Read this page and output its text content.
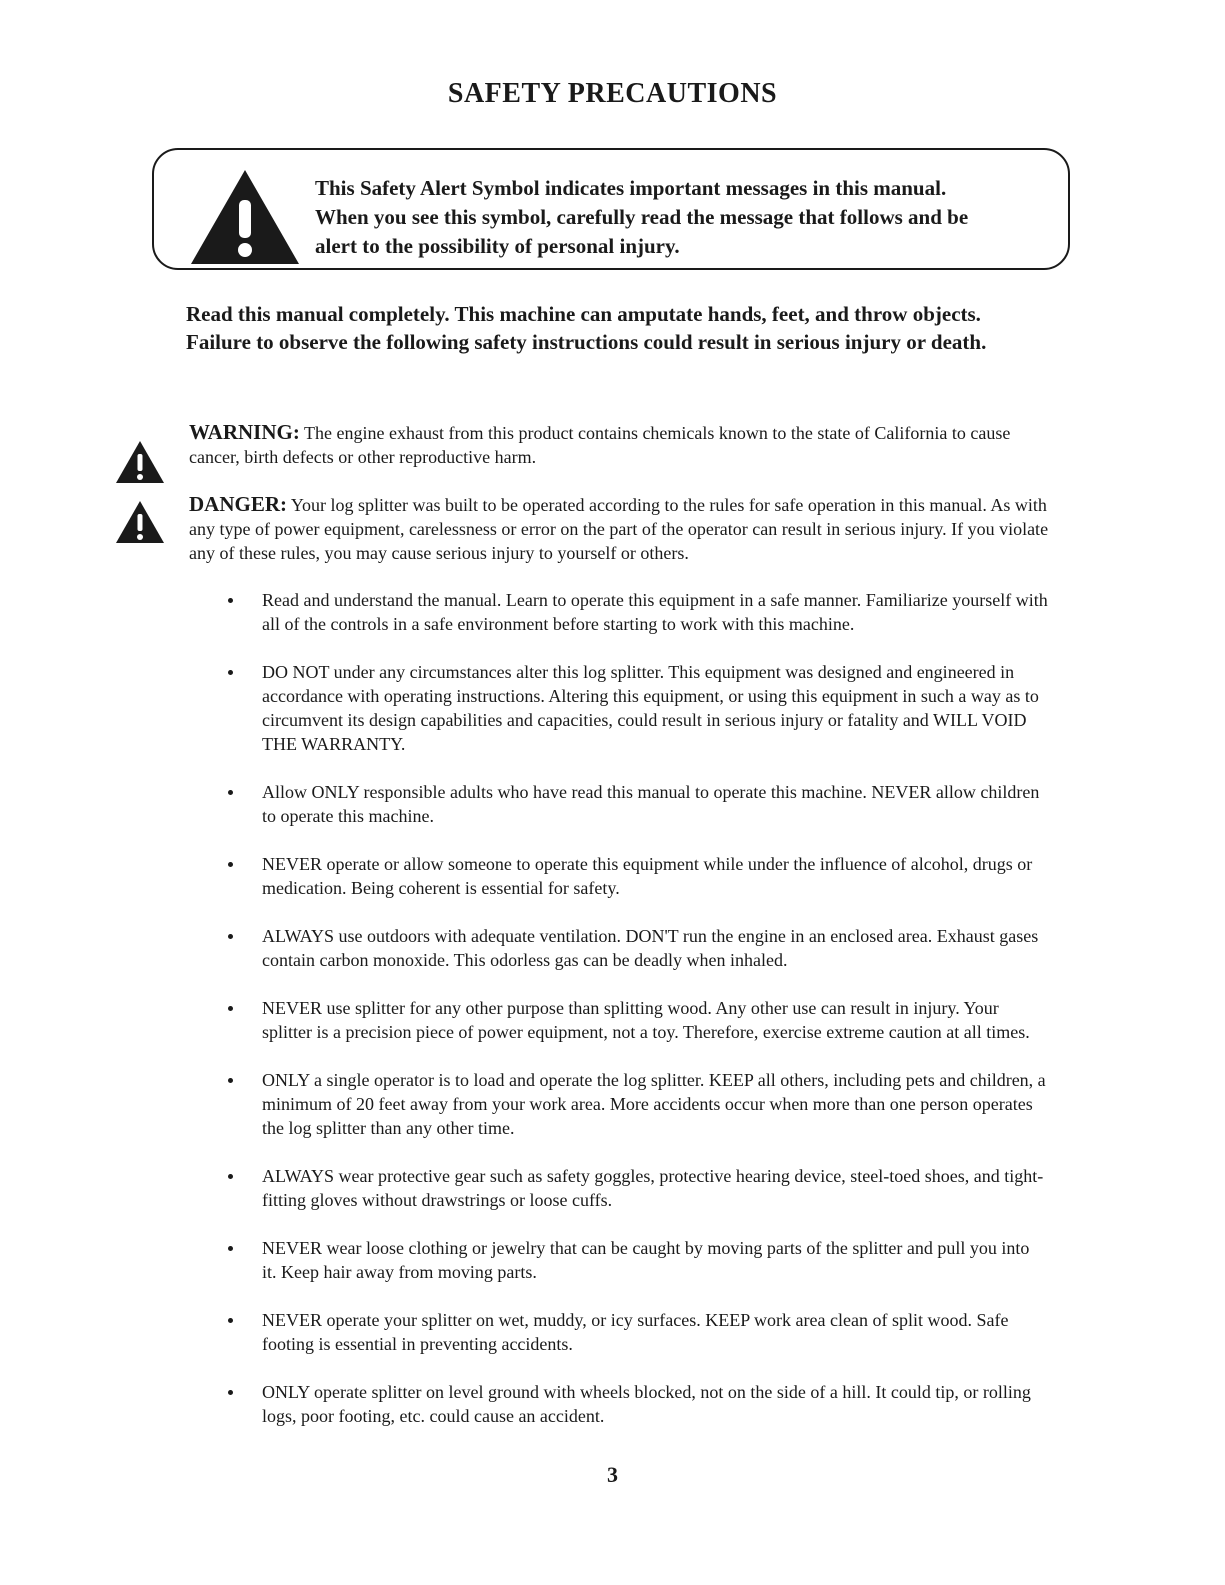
SAFETY PRECAUTIONS
This Safety Alert Symbol indicates important messages in this manual.
When you see this symbol, carefully read the message that follows and be
alert to the possibility of personal injury.
Read this manual completely. This machine can amputate hands, feet, and throw objects.
Failure to observe the following safety instructions could result in serious injury or death.
WARNING: The engine exhaust from this product contains chemicals known to the state of California to cause cancer, birth defects or other reproductive harm.
DANGER: Your log splitter was built to be operated according to the rules for safe operation in this manual. As with any type of power equipment, carelessness or error on the part of the operator can result in serious injury. If you violate any of these rules, you may cause serious injury to yourself or others.
Read and understand the manual. Learn to operate this equipment in a safe manner. Familiarize yourself with all of the controls in a safe environment before starting to work with this machine.
DO NOT under any circumstances alter this log splitter. This equipment was designed and engineered in accordance with operating instructions. Altering this equipment, or using this equipment in such a way as to circumvent its design capabilities and capacities, could result in serious injury or fatality and WILL VOID THE WARRANTY.
Allow ONLY responsible adults who have read this manual to operate this machine. NEVER allow children to operate this machine.
NEVER operate or allow someone to operate this equipment while under the influence of alcohol, drugs or medication. Being coherent is essential for safety.
ALWAYS use outdoors with adequate ventilation. DON'T run the engine in an enclosed area. Exhaust gases contain carbon monoxide. This odorless gas can be deadly when inhaled.
NEVER use splitter for any other purpose than splitting wood. Any other use can result in injury. Your splitter is a precision piece of power equipment, not a toy. Therefore, exercise extreme caution at all times.
ONLY a single operator is to load and operate the log splitter. KEEP all others, including pets and children, a minimum of 20 feet away from your work area. More accidents occur when more than one person operates the log splitter than any other time.
ALWAYS wear protective gear such as safety goggles, protective hearing device, steel-toed shoes, and tight-fitting gloves without drawstrings or loose cuffs.
NEVER wear loose clothing or jewelry that can be caught by moving parts of the splitter and pull you into it. Keep hair away from moving parts.
NEVER operate your splitter on wet, muddy, or icy surfaces. KEEP work area clean of split wood. Safe footing is essential in preventing accidents.
ONLY operate splitter on level ground with wheels blocked, not on the side of a hill. It could tip, or rolling logs, poor footing, etc. could cause an accident.
3
